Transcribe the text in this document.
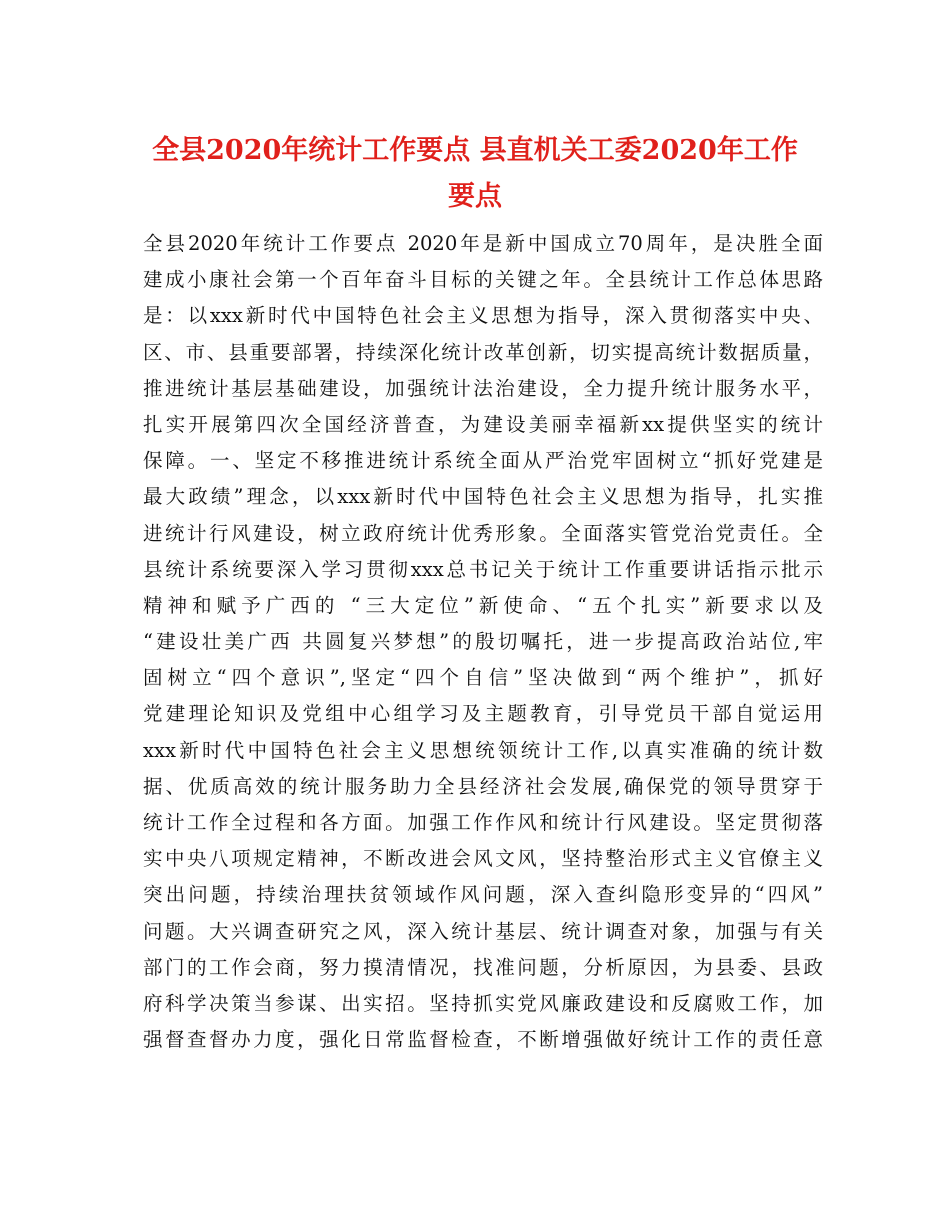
全县2020年统计工作要点 县直机关工委2020年工作
要点
全县2020年统计工作要点 2020年是新中国成立70周年，是决胜全面
建成小康社会第一个百年奋斗目标的关键之年。全县统计工作总体思路
是：以xxx新时代中国特色社会主义思想为指导，深入贯彻落实中央、
区、市、县重要部署，持续深化统计改革创新，切实提高统计数据质量，
推进统计基层基础建设，加强统计法治建设，全力提升统计服务水平，
扎实开展第四次全国经济普查，为建设美丽幸福新xx提供坚实的统计
保障。一、坚定不移推进统计系统全面从严治党牢固树立“抓好党建是
最大政绩”理念，以xxx新时代中国特色社会主义思想为指导，扎实推
进统计行风建设，树立政府统计优秀形象。全面落实管党治党责任。全
县统计系统要深入学习贯彻xxx总书记关于统计工作重要讲话指示批示
精神和赋予广西的 “三大定位”新使命、“五个扎实”新要求以及
“建设壮美广西 共圆复兴梦想”的殷切嘱托，进一步提高政治站位,牢
固树立“四个意识”,坚定“四个自信”坚决做到“两个维护”，抓好
党建理论知识及党组中心组学习及主题教育，引导党员干部自觉运用
xxx新时代中国特色社会主义思想统领统计工作,以真实准确的统计数
据、优质高效的统计服务助力全县经济社会发展,确保党的领导贯穿于
统计工作全过程和各方面。加强工作作风和统计行风建设。坚定贯彻落
实中央八项规定精神，不断改进会风文风，坚持整治形式主义官僚主义
突出问题，持续治理扶贫领域作风问题，深入查纠隐形变异的“四风”
问题。大兴调查研究之风，深入统计基层、统计调查对象，加强与有关
部门的工作会商，努力摸清情况，找准问题，分析原因，为县委、县政
府科学决策当参谋、出实招。坚持抓实党风廉政建设和反腐败工作，加
强督查督办力度，强化日常监督检查，不断增强做好统计工作的责任意
